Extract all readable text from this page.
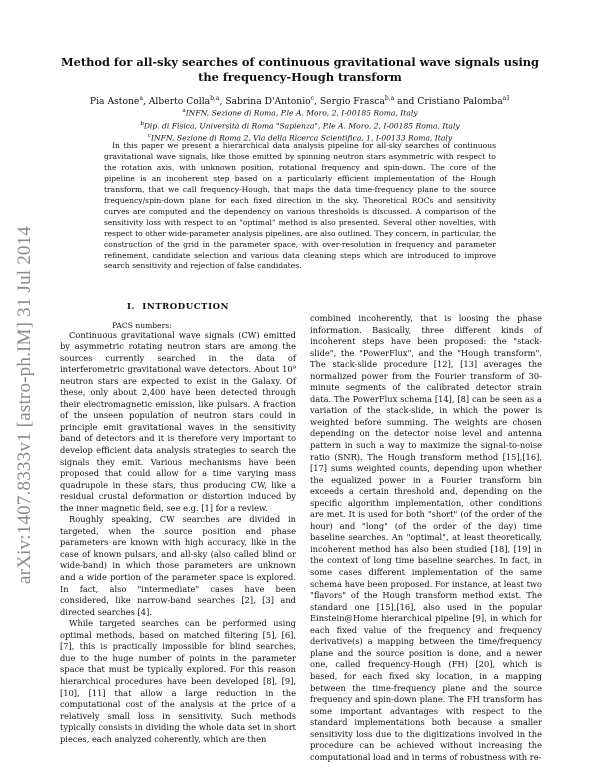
arXiv:1407.8333v1 [astro-ph.IM] 31 Jul 2014
Method for all-sky searches of continuous gravitational wave signals using the frequency-Hough transform
Pia Astone$^a$, Alberto Colla$^{b,a}$, Sabrina D'Antonio$^c$, Sergio Frasca$^{b,a}$ and Cristiano Palomba$^{a1}$
$^a$INFN, Sezione di Roma, P.le A. Moro, 2, I-00185 Roma, Italy
$^b$Dip. di Fisica, Università di Roma "Sapienza", P.le A. Moro, 2, I-00185 Roma, Italy
$^c$INFN, Sezione di Roma 2, Via della Ricerca Scientifica, 1, I-00133 Roma, Italy
In this paper we present a hierarchical data analysis pipeline for all-sky searches of continuous gravitational wave signals, like those emitted by spinning neutron stars asymmetric with respect to the rotation axis, with unknown position, rotational frequency and spin-down. The core of the pipeline is an incoherent step based on a particularly efficient implementation of the Hough transform, that we call frequency-Hough, that maps the data time-frequency plane to the source frequency/spin-down plane for each fixed direction in the sky. Theoretical ROCs and sensitivity curves are computed and the dependency on various thresholds is discussed. A comparison of the sensitivity loss with respect to an "optimal" method is also presented. Several other novelties, with respect to other wide-parameter analysis pipelines, are also outlined. They concern, in particular, the construction of the grid in the parameter space, with over-resolution in frequency and parameter refinement, candidate selection and various data cleaning steps which are introduced to improve search sensitivity and rejection of false candidates.
PACS numbers:
I. INTRODUCTION

Continuous gravitational wave signals (CW) emitted by asymmetric rotating neutron stars are among the sources currently searched in the data of interferometric gravitational wave detectors. About 10⁹ neutron stars are expected to exist in the Galaxy. Of these, only about 2,400 have been detected through their electromagnetic emission, like pulsars. A fraction of the unseen population of neutron stars could in principle emit gravitational waves in the sensitivity band of detectors and it is therefore very important to develop efficient data analysis strategies to search the signals they emit. Various mechanisms have been proposed that could allow for a time varying mass quadrupole in these stars, thus producing CW, like a residual crustal deformation or distortion induced by the inner magnetic field, see e.g. [1] for a review.

Roughly speaking, CW searches are divided in targeted, when the source position and phase parameters are known with high accuracy, like in the case of known pulsars, and all-sky (also called blind or wide-band) in which those parameters are unknown and a wide portion of the parameter space is explored. In fact, also "intermediate" cases have been considered, like narrow-band searches [2], [3] and directed searches [4].

While targeted searches can be performed using optimal methods, based on matched filtering [5], [6], [7], this is practically impossible for blind searches, due to the huge number of points in the parameter space that must be typically explored. For this reason hierarchical procedures have been developed [8], [9], [10], [11] that allow a large reduction in the computational cost of the analysis at the price of a relatively small loss in sensitivity. Such methods typically consists in dividing the whole data set in short pieces, each analyzed coherently, which are then

combined incoherently, that is loosing the phase information. Basically, three different kinds of incoherent steps have been proposed: the "stack-slide", the "PowerFlux", and the "Hough transform". The stack-slide procedure [12], [13] averages the normalized power from the Fourier transform of 30-minute segments of the calibrated detector strain data. The PowerFlux schema [14], [8] can be seen as a variation of the stack-slide, in which the power is weighted before summing. The weights are chosen depending on the detector noise level and antenna pattern in such a way to maximize the signal-to-noise ratio (SNR). The Hough transform method [15],[16],[17] sums weighted counts, depending upon whether the equalized power in a Fourier transform bin exceeds a certain threshold and, depending on the specific algorithm implementation, other conditions are met. It is used for both "short" (of the order of the hour) and "long" (of the order of the day) time baseline searches. An "optimal", at least theoretically, incoherent method has also been studied [18], [19] in the context of long time baseline searches. In fact, in some cases different implementation of the same schema have been proposed. For instance, at least two "flavors" of the Hough transform method exist. The standard one [15],[16], also used in the popular Einstein@Home hierarchical pipeline [9], in which for each fixed value of the frequency and frequency derivative(s) a mapping between the time/frequency plane and the source position is done, and a newer one, called frequency-Hough (FH) [20], which is based, for each fixed sky location, in a mapping between the time-frequency plane and the source frequency and spin-down plane. The FH transform has some important advantages with respect to the standard implementations both because a smaller sensitivity loss due to the digitizations involved in the procedure can be achieved without increasing the computational load and in terms of robustness with re-
